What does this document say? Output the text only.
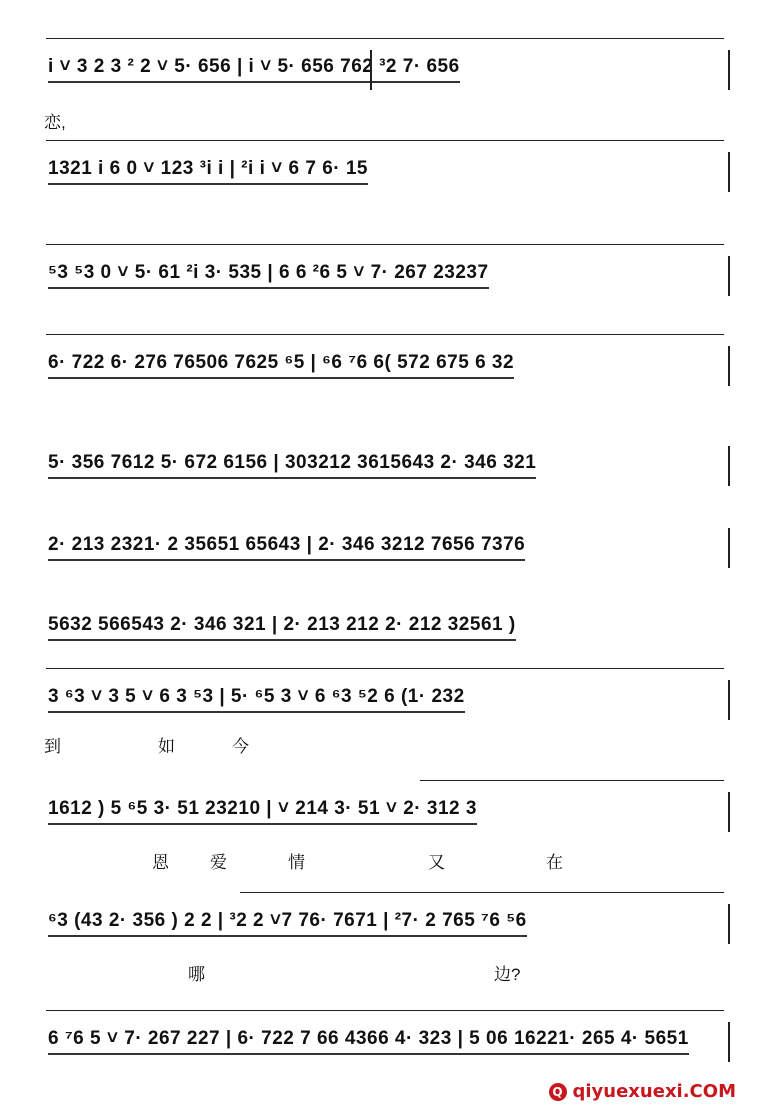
i ˅ 3 2 3 ² 2 ˅ 5· 656 | i ˅ 5· 656 762 ³2 7· 656
恋,
1321 i 6 0 ˅ 123 ³i i | ²i i ˅ 6 7 6· 15
⁵3 ⁵3 0 ˅ 5· 61 ²i 3· 535 | 6 6 ²6 5 ˅ 7· 267 23237
6· 722 6· 276 76506 7625 ⁶5 | ⁶6 ⁷6 6( 572 675 6 32
5· 356 7612 5· 672 6156 | 303212 3615643 2· 346 321
2· 213 2321· 2 35651 65643 | 2· 346 3212 7656 7376
5632 566543 2· 346 321 | 2· 213 212 2· 212 32561 )
3 ⁶3 ˅ 3 5 ˅ 6 3 ⁵3 | 5· ⁶5 3 ˅ 6 ⁶3 ⁵2 6 (1· 232
到	如	今
1612 ) 5 ⁶5 3· 51 23210 | ˅ 214 3· 51 ˅ 2· 312 3
恩 爱	情	又	在
⁶3 (43 2· 356 ) 2 2 | ³2 2 ˅7 76· 7671 | ²7· 2 765 ⁷6 ⁵6
哪	边?
6 ⁷6 5 ˅ 7· 267 227 | 6· 722 7 66 4366 4· 323 | 5 06 16221· 265 4· 5651
Q qiyuexuexi.COM
